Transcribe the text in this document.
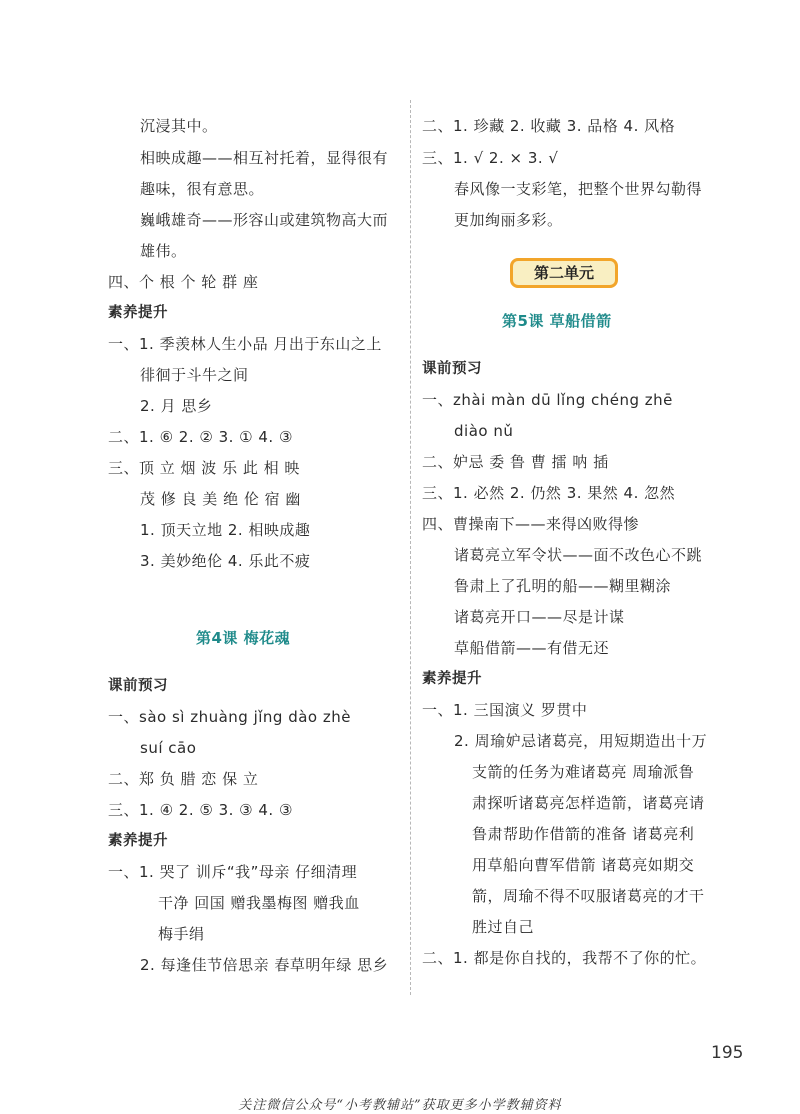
沉浸其中。
相映成趣——相互衬托着，显得很有
趣味，很有意思。
巍峨雄奇——形容山或建筑物高大而
雄伟。
四、个 根 个 轮 群 座
素养提升
一、1. 季羡林人生小品 月出于东山之上
徘徊于斗牛之间
2. 月 思乡
二、1. ⑥ 2. ② 3. ① 4. ③
三、顶 立 烟 波 乐 此 相 映
茂 修 良 美 绝 伦 宿 幽
1. 顶天立地 2. 相映成趣
3. 美妙绝伦 4. 乐此不疲
第4课 梅花魂
课前预习
一、sào sì zhuàng jǐng dào zhè
suí cāo
二、郑 负 腊 恋 保 立
三、1. ④ 2. ⑤ 3. ③ 4. ③
素养提升
一、1. 哭了 训斥“我”母亲 仔细清理
干净 回国 赠我墨梅图 赠我血
梅手绢
2. 每逢佳节倍思亲 春草明年绿 思乡
二、1. 珍藏 2. 收藏 3. 品格 4. 风格
三、1. √ 2. × 3. √
春风像一支彩笔，把整个世界勾勒得
更加绚丽多彩。
第二单元
第5课 草船借箭
课前预习
一、zhài màn dū lǐng chéng zhē
diào nǔ
二、妒忌 委 鲁 曹 擂 呐 插
三、1. 必然 2. 仍然 3. 果然 4. 忽然
四、曹操南下——来得凶败得惨
诸葛亮立军令状——面不改色心不跳
鲁肃上了孔明的船——糊里糊涂
诸葛亮开口——尽是计谋
草船借箭——有借无还
素养提升
一、1. 三国演义 罗贯中
2. 周瑜妒忌诸葛亮，用短期造出十万
支箭的任务为难诸葛亮 周瑜派鲁
肃探听诸葛亮怎样造箭，诸葛亮请
鲁肃帮助作借箭的准备 诸葛亮利
用草船向曹军借箭 诸葛亮如期交
箭，周瑜不得不叹服诸葛亮的才干
胜过自己
二、1. 都是你自找的，我帮不了你的忙。
195
关注微信公众号“小考教辅站”获取更多小学教辅资料
